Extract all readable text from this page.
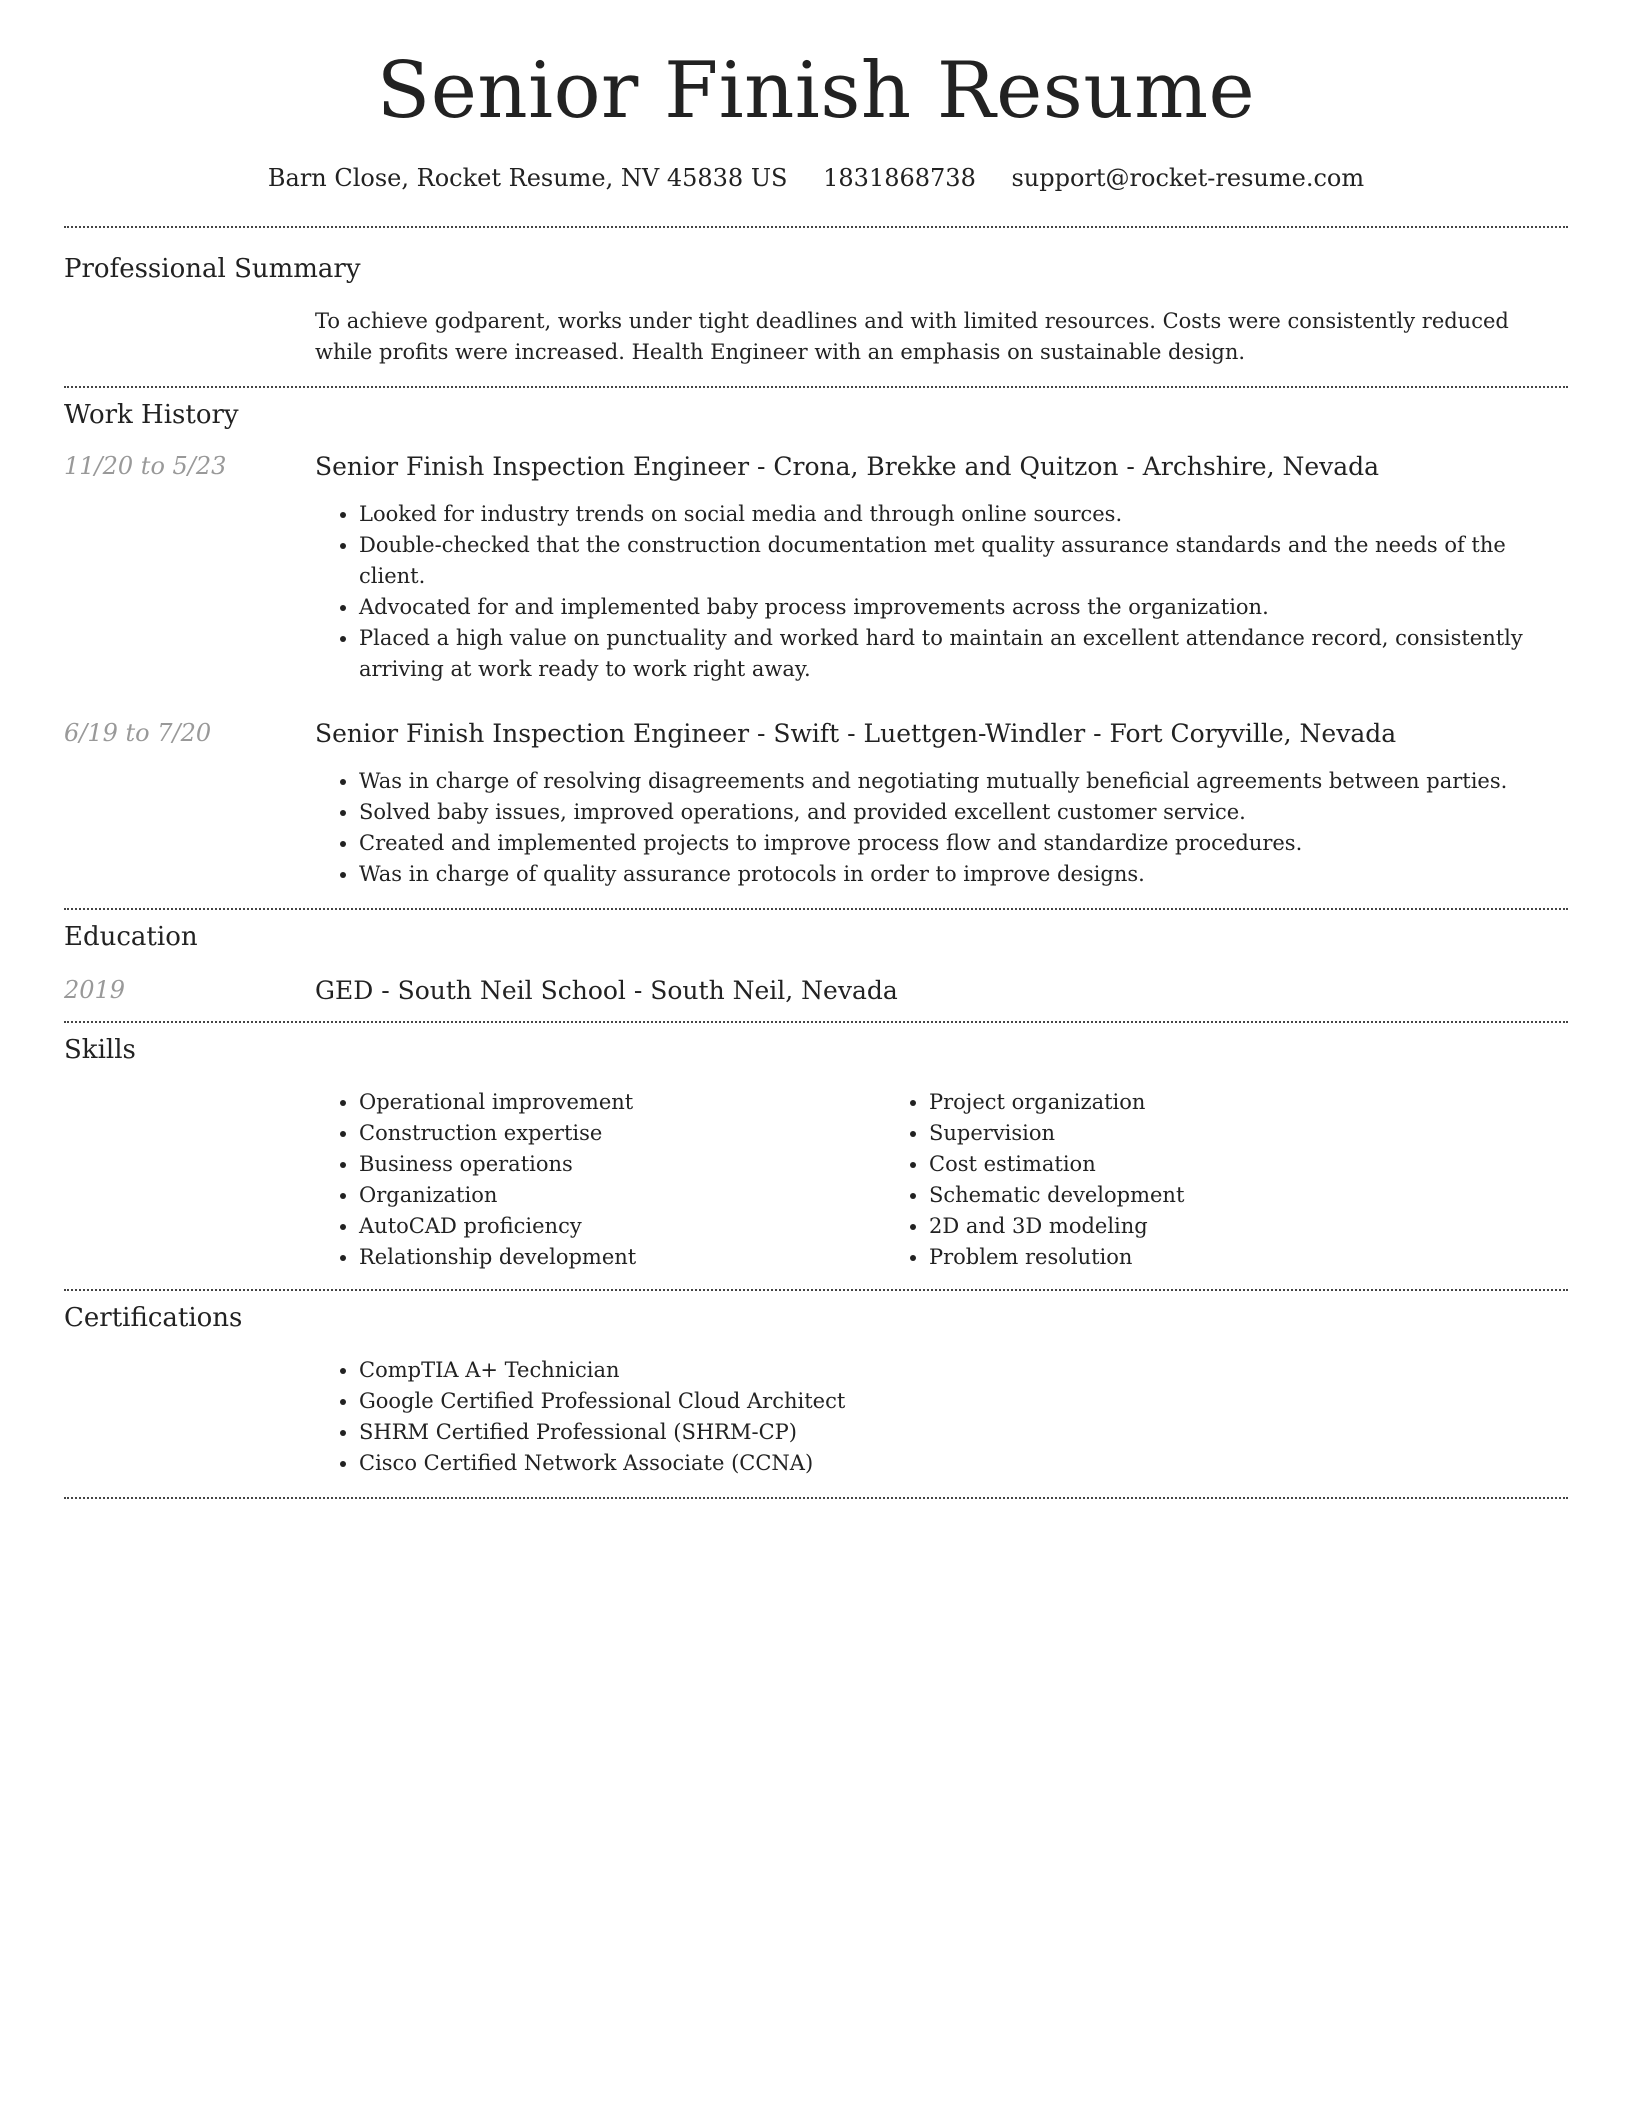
Senior Finish Resume
Barn Close, Rocket Resume, NV 45838 US 1831868738 support@rocket-resume.com
Professional Summary

To achieve godparent, works under tight deadlines and with limited resources. Costs were consistently reduced while profits were increased. Health Engineer with an emphasis on sustainable design.

Work History
11/20 to 5/23	Senior Finish Inspection Engineer - Crona, Brekke and Quitzon - Archshire, Nevada
• Looked for industry trends on social media and through online sources.
• Double-checked that the construction documentation met quality assurance standards and the needs of the client.
• Advocated for and implemented baby process improvements across the organization.
• Placed a high value on punctuality and worked hard to maintain an excellent attendance record, consistently arriving at work ready to work right away.
6/19 to 7/20	Senior Finish Inspection Engineer - Swift - Luettgen-Windler - Fort Coryville, Nevada
• Was in charge of resolving disagreements and negotiating mutually beneficial agreements between parties.
• Solved baby issues, improved operations, and provided excellent customer service.
• Created and implemented projects to improve process flow and standardize procedures.
• Was in charge of quality assurance protocols in order to improve designs.
Education
2019	GED - South Neil School - South Neil, Nevada
Skills
• Operational improvement
• Construction expertise
• Business operations
• Organization
• AutoCAD proficiency
• Relationship development
• Project organization
• Supervision
• Cost estimation
• Schematic development
• 2D and 3D modeling
• Problem resolution
Certifications
• CompTIA A+ Technician
• Google Certified Professional Cloud Architect
• SHRM Certified Professional (SHRM-CP)
• Cisco Certified Network Associate (CCNA)
